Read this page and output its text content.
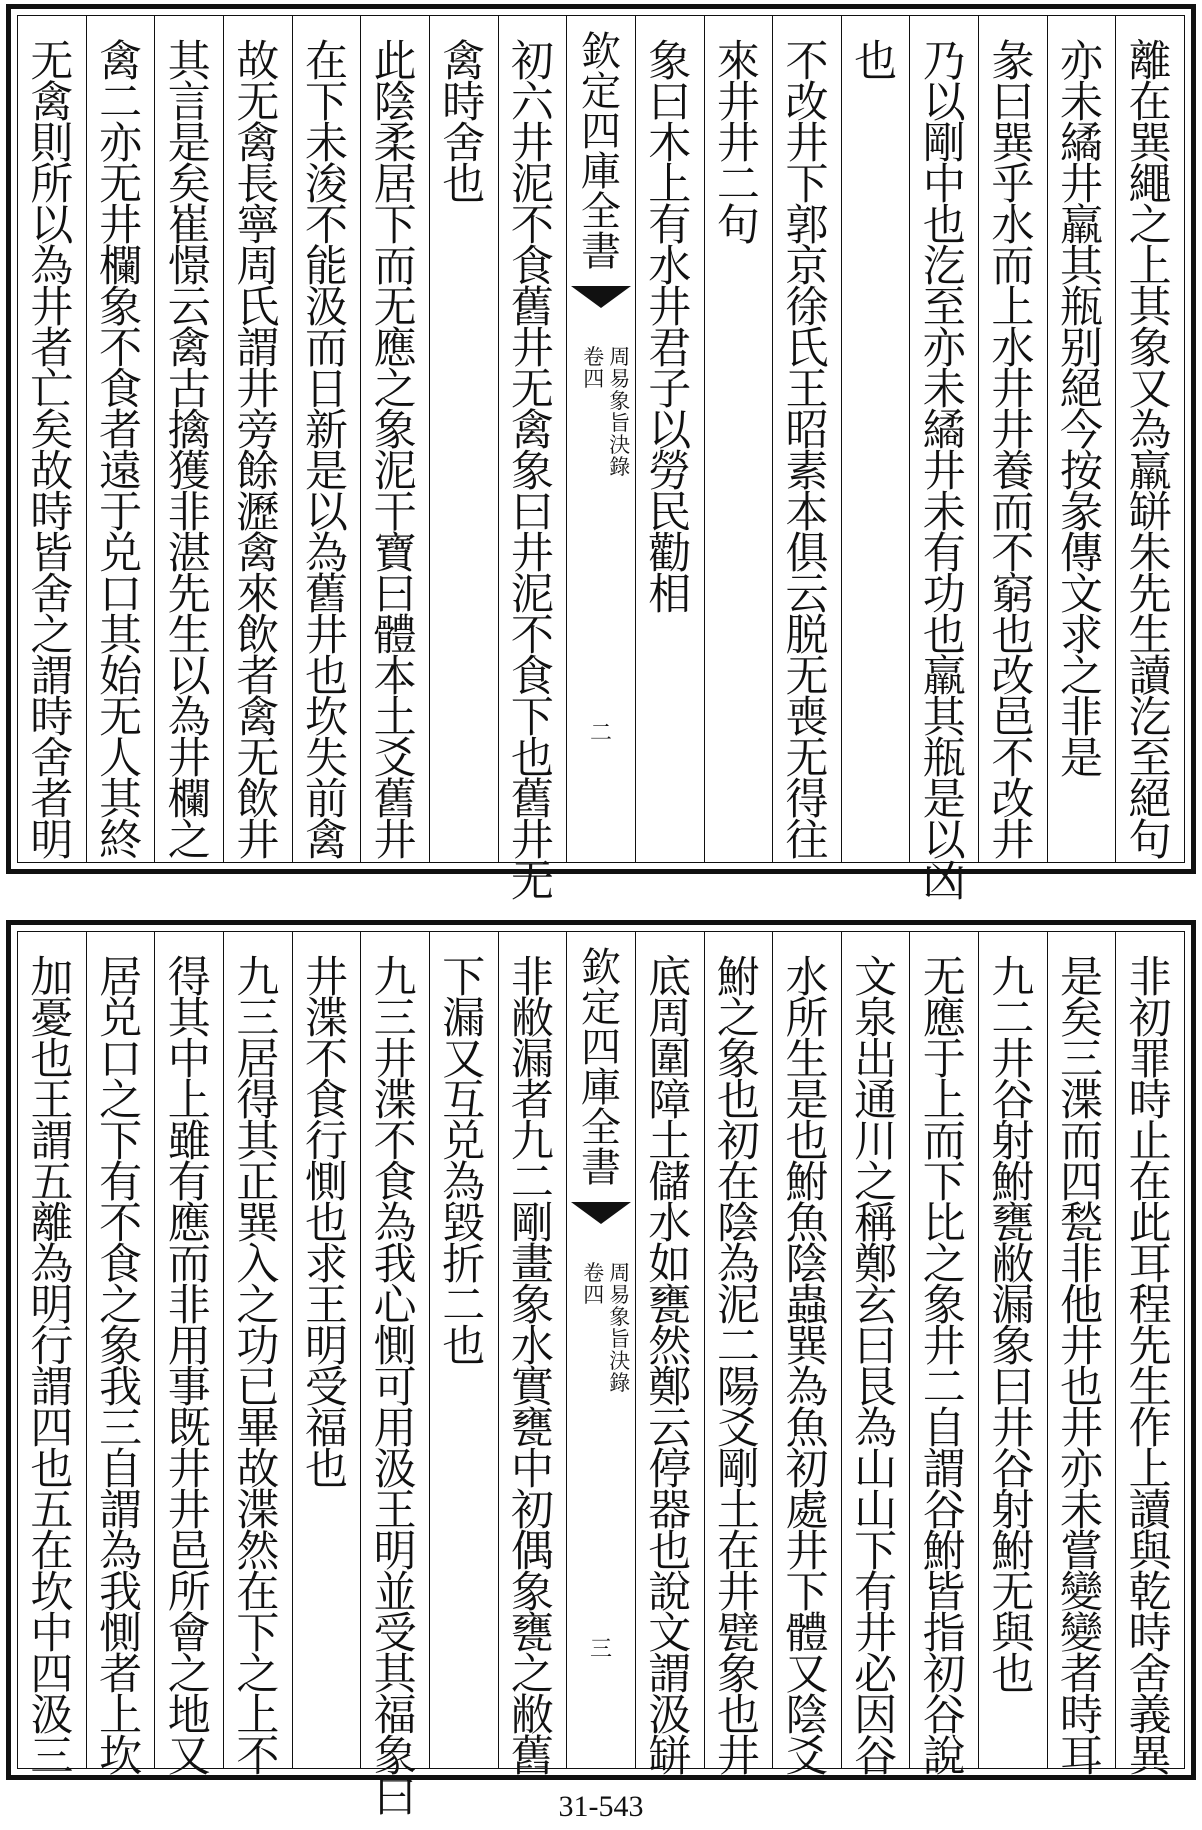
離
在
巽
繩
之
上
其
象
又
為
羸
缾
朱
先
生
讀
汔
至
絕
句
亦
未
繘
井
羸
其
瓶
别
絕
今
按
彖
傳
文
求
之
非
是
彖
曰
巽
乎
水
而
上
水
井
井
養
而
不
窮
也
改
邑
不
改
井
乃
以
剛
中
也
汔
至
亦
未
繘
井
未
有
功
也
羸
其
瓶
是
以
凶
也
不
改
井
下
郭
京
徐
氏
王
昭
素
本
俱
云
脱
无
喪
无
得
往
來
井
井
二
句
象
曰
木
上
有
水
井
君
子
以
勞
民
勸
相
欽
定
四
庫
全
書
周
易
象
旨
決
錄
卷
四
二
初
六
井
泥
不
食
舊
井
无
禽
象
曰
井
泥
不
食
下
也
舊
井
无
禽
時
舍
也
此
陰
柔
居
下
而
无
應
之
象
泥
干
寶
曰
體
本
土
爻
舊
井
在
下
未
浚
不
能
汲
而
日
新
是
以
為
舊
井
也
坎
失
前
禽
故
无
禽
長
寧
周
氏
謂
井
旁
餘
瀝
禽
來
飲
者
禽
无
飲
井
其
言
是
矣
崔
憬
云
禽
古
擒
獲
非
湛
先
生
以
為
井
欄
之
禽
二
亦
无
井
欄
象
不
食
者
遠
于
兑
口
其
始
无
人
其
終
无
禽
則
所
以
為
井
者
亡
矣
故
時
皆
舍
之
謂
時
舍
者
明
非
初
罪
時
止
在
此
耳
程
先
生
作
上
讀
與
乾
時
舍
義
異
是
矣
三
渫
而
四
甃
非
他
井
也
井
亦
未
嘗
變
變
者
時
耳
九
二
井
谷
射
鮒
甕
敝
漏
象
曰
井
谷
射
鮒
无
與
也
无
應
于
上
而
下
比
之
象
井
二
自
謂
谷
鮒
皆
指
初
谷
說
文
泉
出
通
川
之
稱
鄭
玄
曰
艮
為
山
山
下
有
井
必
因
谷
水
所
生
是
也
鮒
魚
陰
蟲
巽
為
魚
初
處
井
下
體
又
陰
爻
鮒
之
象
也
初
在
陰
為
泥
二
陽
爻
剛
土
在
井
甓
象
也
井
底
周
圍
障
土
儲
水
如
甕
然
鄭
云
停
器
也
說
文
謂
汲
缾
欽
定
四
庫
全
書
周
易
象
旨
決
錄
卷
四
三
非
敝
漏
者
九
二
剛
畫
象
水
實
甕
中
初
偶
象
甕
之
敝
舊
下
漏
又
互
兑
為
毀
折
二
也
九
三
井
渫
不
食
為
我
心
惻
可
用
汲
王
明
並
受
其
福
象
曰
井
渫
不
食
行
惻
也
求
王
明
受
福
也
九
三
居
得
其
正
巽
入
之
功
已
畢
故
渫
然
在
下
之
上
不
得
其
中
上
雖
有
應
而
非
用
事
既
井
井
邑
所
會
之
地
又
居
兑
口
之
下
有
不
食
之
象
我
三
自
謂
為
我
惻
者
上
坎
加
憂
也
王
謂
五
離
為
明
行
謂
四
也
五
在
坎
中
四
汲
三
31-543
